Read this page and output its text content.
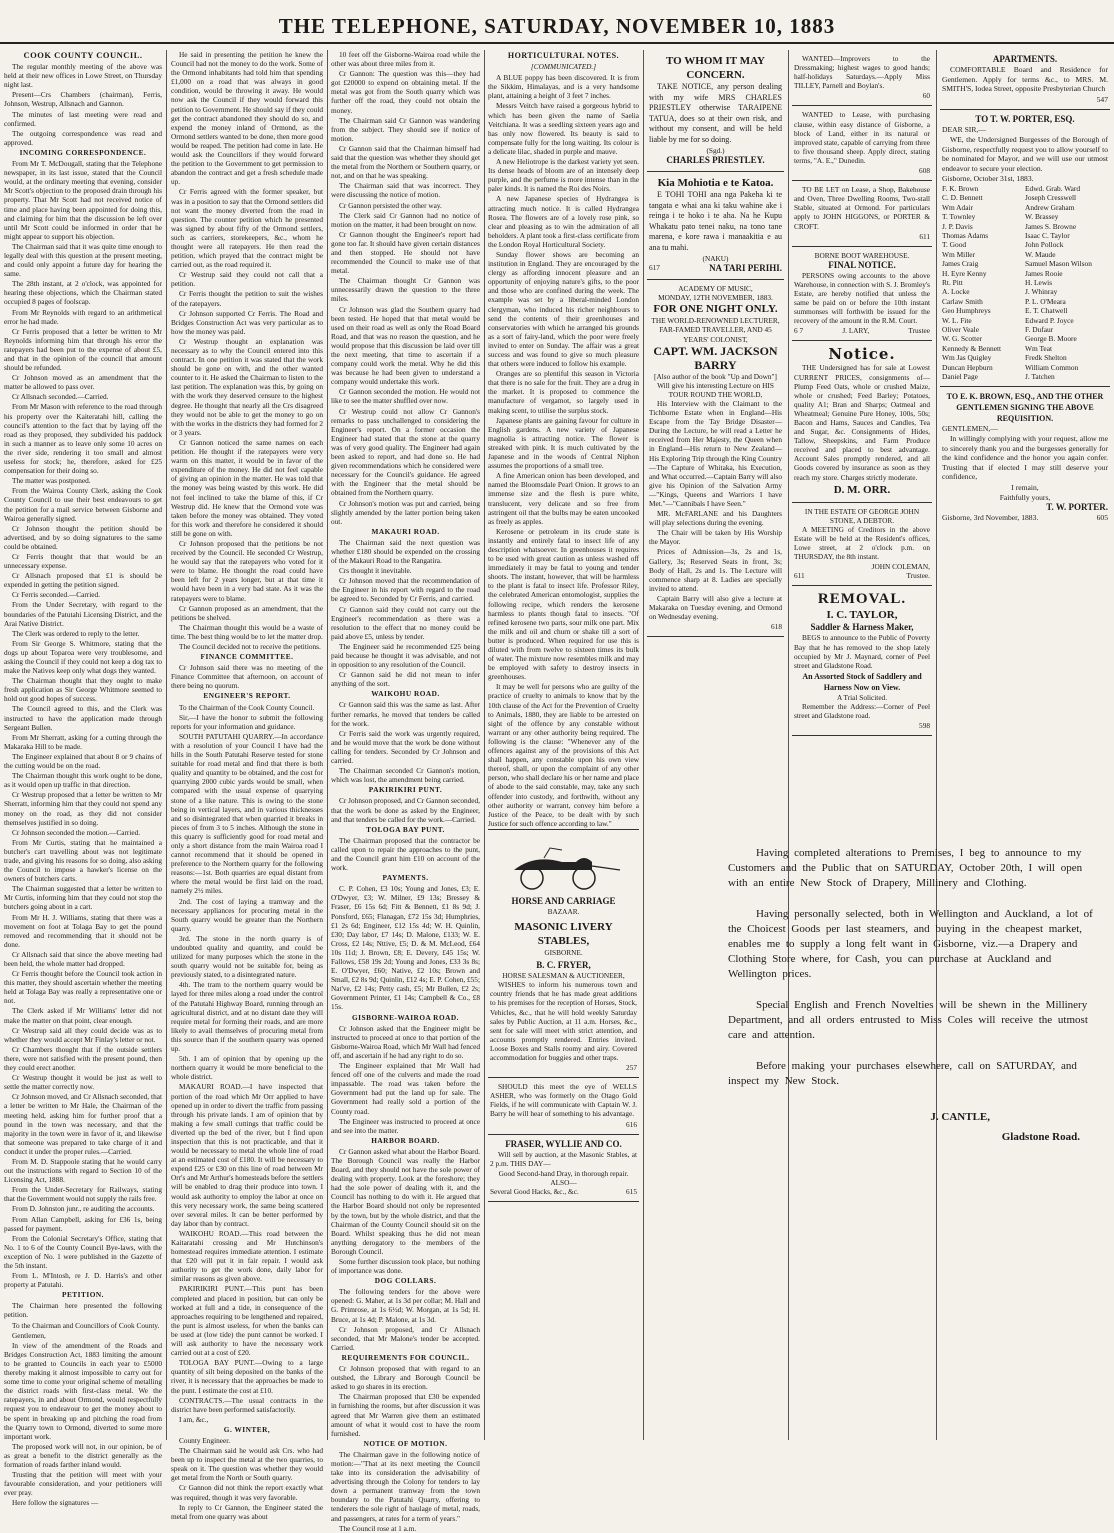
THE TELEPHONE, SATURDAY, NOVEMBER 10, 1883
COOK COUNTY COUNCIL.

The regular monthly meeting of the above was held at their new offices in Lowe Street, on Thursday night last.

Present—Crs Chambers (chairman), Ferris, Johnson, Westrup, Allsnach and Gannon.

The minutes of last meeting were read and confirmed.

The outgoing correspondence was read and approved.

INCOMING CORRESPONDENCE.

From Mr T. McDougall, stating that the Telephone newspaper, in its last issue, stated that the Council would, at the ordinary meeting that evening, consider Mr Scott's objection to the proposed drain through his property. That Mr Scott had not received notice of time and place having been appointed for doing this, and claiming for him that the discussion be left over until Mr Scott could be informed in order that he might appear to support his objection.

The Chairman said that it was quite time enough to legally deal with this question at the present meeting, and could only appoint a future day for hearing the same.

The 28th instant, at 2 o'clock, was appointed for hearing these objections, which the Chairman stated occupied 8 pages of foolscap.

From Mr Reynolds with regard to an arithmetical error he had made.

Cr Ferris proposed that a letter be written to Mr Reynolds informing him that through his error the ratepayers had been put to the expense of about £5, and that in the opinion of the council that amount should be refunded.

Cr Johnson moved as an amendment that the matter be allowed to pass over.

Cr Allsnach seconded.—Carried.

From Mr Mason with reference to the road through his property over the Kaiteratahi hill, calling the council's attention to the fact that by laying off the road as they proposed, they subdivided his paddock in such a manner as to leave only some 10 acres on the river side, rendering it too small and almost useless for stock; he, therefore, asked for £25 compensation for their doing so.

The matter was postponed.

From the Wairoa County Clerk, asking the Cook County Council to use their best endeavours to get the petition for a mail service between Gisborne and Wairoa generally signed.

Cr Johnson thought the petition should be advertised, and by so doing signatures to the same could be obtained.

Cr Ferris thought that that would be an unnecessary expense.

Cr Allsnach proposed that £1 is should be expended in getting the petition signed.

Cr Ferris seconded.—Carried.

From the Under Secretary, with regard to the boundaries of the Patutahi Licensing District, and the Arai Native District.

The Clerk was ordered to reply to the letter.

From Sir George S. Whitmore, stating that the dogs up about Toparoa were very troublesome, and asking the Council if they could not keep a dog tax to make the Natives keep only what dogs they wanted.

The Chairman thought that they ought to make fresh application as Sir George Whitmore seemed to hold out good hopes of success.

The Council agreed to this, and the Clerk was instructed to have the application made through Sergeant Bullen.

From Mr Sherratt, asking for a cutting through the Makaraka Hill to be made.

The Engineer explained that about 8 or 9 chains of the cutting would be on the road.

The Chairman thought this work ought to be done, as it would open up traffic in that direction.

Cr Westrup proposed that a letter be written to Mr Sherratt, informing him that they could not spend any money on the road, as they did not consider themselves justified in so doing.

Cr Johnson seconded the motion.—Carried.

From Mr Curtis, stating that he maintained a butcher's cart travelling about was not legitimate trade, and giving his reasons for so doing, also asking the Council to impose a hawker's license on the owners of butchers carts.

The Chairman suggested that a letter be written to Mr Curtis, informing him that they could not stop the butchers going about in a cart.

From Mr H. J. Williams, stating that there was a movement on foot at Tolaga Bay to get the pound removed and recommending that it should not be done.

Cr Allsnach said that since the above meeting had been held, the whole matter had dropped.

Cr Ferris thought before the Council took action in this matter, they should ascertain whether the meeting held at Tolaga Bay was really a representative one or not.

The Clerk asked if Mr Williams' letter did not make the matter on that point, clear enough.

Cr Westrup said all they could decide was as to whether they would accept Mr Finlay's letter or not.

Cr Chambers thought that if the outside settlers there, were not satisfied with the present pound, then they could erect another.

Cr Westrup thought it would be just as well to settle the matter correctly now.

Cr Johnson moved, and Cr Allsnach seconded, that a letter be written to Mr Hale, the Chairman of the meeting held, asking him for further proof that a pound in the town was necessary, and that the majority in the town were in favor of it, and likewise that someone was prepared to take charge of it and conduct it under the proper rules.—Carried.

From M. D. Stappoole stating that he would carry out the instructions with regard to Section 10 of the Licensing Act, 1888.

From the Under-Secretary for Railways, stating that the Government would not supply the rails free.

From D. Johnston junr., re auditing the accounts.

From Allan Campbell, asking for £36 1s, being passed for payment.

From the Colonial Secretary's Office, stating that No. 1 to 6 of the County Council Bye-laws, with the exception of No. 1 were published in the Gazette of the 5th instant.

From L. M'Intosh, re J. D. Harris's and other property at Patutahi.

PETITION.

The Chairman here presented the following petition.

To the Chairman and Councillors of Cook County.

Gentlemen,

In view of the amendment of the Roads and Bridges Construction Act, 1883 limiting the amount to be granted to Councils in each year to £5000 thereby making it almost impossible to carry out for some time to come your original scheme of metalling the district roads with first-class metal. We the ratepayers, in and about Ormond, would respectfully request you to endeavour to get the money about to be spent in breaking up and pitching the road from the Quarry town to Ormond, diverted to some more important work.

The proposed work will not, in our opinion, be of as great a benefit to the district generally as the formation of roads farther inland would.

Trusting that the petition will meet with your favourable consideration, and your petitioners will ever pray.

Here follow the signatures —

He said in presenting the petition he knew the Council had not the money to do the work. Some of the Ormond inhabitants had told him that spending £1,000 on a road that was always in good condition, would be throwing it away. He would now ask the Council if they would forward this petition to Government. He should say if they could get the contract abandoned they should do so, and expend the money inland of Ormond, as the Ormond settlers wanted to be done, then more good would be reaped. The petition had come in late. He would ask the Councillors if they would forward the petition to the Government to get permission to abandon the contract and get a fresh schedule made up.

Cr Ferris agreed with the former speaker, but was in a position to say that the Ormond settlers did not want the money diverted from the road in question. The counter petition which he presented was signed by about fifty of the Ormond settlers, such as carriers, storekeepers, &c., whom he thought were all ratepayers. He then read the petition, which prayed that the contract might be carried out, as the road required it.

Cr Westrup said they could not call that a petition.

Cr Ferris thought the petition to suit the wishes of the ratepayers.

Cr Johnson supported Cr Ferris. The Road and Bridges Construction Act was very particular as to how the money was paid.

Cr Westrup thought an explanation was necessary as to why the Council entered into this contract. In one petition it was stated that the work should be gone on with, and the other wanted counter to it. He asked the Chairman to listen to the last petition. The explanation was this, by going on with the work they deserved censure to the highest degree. He thought that nearly all the Crs disagreed they would not be able to get the money to go on with the works in the districts they had formed for 2 or 3 years.

Cr Gannon noticed the same names on each petition. He thought if the ratepayers were very warm on this matter, it would be in favor of the expenditure of the money. He did not feel capable of giving an opinion in the matter. He was told that the money was being wasted by this work. He did not feel inclined to take the blame of this, if Cr Westrup did. He knew that the Ormond vote was taken before the money was obtained. They voted for this work and therefore he considered it should still be gone on with.

Cr Johnson proposed that the petitions be not received by the Council. He seconded Cr Westrup, he would say that the ratepayers who voted for it were to blame. He thought the road could have been left for 2 years longer, but at that time it would have been in a very bad state. As it was the ratepayers were to blame.

Cr Gannon proposed as an amendment, that the petitions be shelved.

The Chairman thought this would be a waste of time. The best thing would be to let the matter drop.

The Council decided not to receive the petitions.

FINANCE COMMITTEE.

Cr Johnson said there was no meeting of the Finance Committee that afternoon, on account of there being no quorum.

ENGINEER'S REPORT.

To the Chairman of the Cook County Council.

Sir,—I have the honor to submit the following reports for your information and guidance.

SOUTH PATUTAHI QUARRY.—In accordance with a resolution of your Council I have had the hills in the South Patutahi Reserve tested for stone suitable for road metal and find that there is both quality and quantity to be obtained, and the cost for quarrying 2000 cubic yards would be small, when compared with the usual expense of quarrying stone of a like nature. This is owing to the stone being in vertical layers, and in various thicknesses and so disintegrated that when quarried it breaks in pieces of from 3 to 5 inches. Although the stone in this quarry is sufficiently good for road metal and only a short distance from the main Wairoa road I cannot recommend that it should be opened in preference to the Northern quarry for the following reasons:—1st. Both quarries are equal distant from where the metal would be first laid on the road, namely 2½ miles.

2nd. The cost of laying a tramway and the necessary appliances for procuring metal in the South quarry would be greater than the Northern quarry.

3rd. The stone in the north quarry is of undoubted quality and quantity, and could be utilized for many purposes which the stone in the south quarry would not be suitable for, being as previously stated, to a disintegrated nature.

4th. The tram to the northern quarry would be layed for three miles along a road under the control of the Patutahi Highway Board, running through an agricultural district, and at no distant date they will require metal for forming their roads, and are more likely to avail themselves of procuring metal from this source than if the southern quarry was opened up.

5th. I am of opinion that by opening up the northern quarry it would be more beneficial to the whole district.

MAKAURI ROAD.—I have inspected that portion of the road which Mr Orr applied to have opened up in order to divert the traffic from passing through his private lands. I am of opinion that by making a few small cuttings that traffic could be diverted up the bed of the river, but I find upon inspection that this is not practicable, and that it would be necessary to metal the whole line of road at an estimated cost of £180. It will be necessary to expend £25 or £30 on this line of road between Mr Orr's and Mr Arthur's homesteads before the settlers will be enabled to drag their produce into town. I would ask authority to employ the labor at once on this very necessary work, the same being scattered over several miles. It can be better performed by day labor than by contract.

WAIKOHU ROAD.—This road between the Kaitaratahi crossing and Mr Hutchinson's homestead requires immediate attention. I estimate that £20 will put it in fair repair. I would ask authority to get the work done, daily labor for similar reasons as given above.

PAKIRIKIRI PUNT.—This punt has been completed and placed in position, but can only be worked at full and a tide, in consequence of the approaches requiring to be lengthened and repaired, the punt is almost useless, for when the banks can be used at (low tide) the punt cannot be worked. I will ask authority to have the necessary work carried out at a cost of £20.

TOLOGA BAY PUNT.—Owing to a large quantity of silt being deposited on the banks of the river, it is necessary that the approaches be made to the punt. I estimate the cost at £10.

CONTRACTS.—The usual contracts in the district have been performed satisfactorily.

I am, &c.,

G. WINTER,

County Engineer.

The Chairman said he would ask Crs. who had been up to inspect the metal at the two quarries, to speak on it. The question was whether they would get metal from the North or South quarry.

Cr Gannon did not think the report exactly what was required, though it was very favorable.

In reply to Cr Gannon, the Engineer stated the metal from one quarry was about

10 feet off the Gisborne-Wairoa road while the other was about three miles from it.

Cr Gannon: The question was this—they had got £20000 to expend on obtaining metal. If the metal was got from the South quarry which was further off the road, they could not obtain the money.

The Chairman said Cr Gannon was wandering from the subject. They should see if notice of motion.

Cr Gannon said that the Chairman himself had said that the question was whether they should get the metal from the Northern or Southern quarry, or not, and on that he was speaking.

The Chairman said that was incorrect. They were discussing the notice of motion.

Cr Gannon persisted the other way.

The Clerk said Cr Gannon had no notice of motion on the matter, it had been brought on now.

Cr Gannon thought the Engineer's report had gone too far. It should have given certain distances and then stopped. He should not have recommended the Council to make use of that metal.

The Chairman thought Cr Gannon was unnecessarily drawn the question to the three miles.

Cr Johnson was glad the Southern quarry had been tested. He hoped that that metal would be used on their road as well as only the Road Board Road, and that was no reason the question, and he would propose that this discussion be laid over till the next meeting, that time to ascertain if a company could work the metal. Why he did this was because he had been given to understand a company would undertake this work.

Cr Gannon seconded the motion. He would not like to see the matter shuffled over now.

Cr Westrup could not allow Cr Gannon's remarks to pass unchallenged to considering the Engineer's report. On a former occasion the Engineer had stated that the stone at the quarry was of very good quality. The Engineer had again been asked to report, and had done so. He had given recommendations which he considered were necessary for the Council's guidance. He agreed with the Engineer that the metal should be obtained from the Northern quarry.

Cr Johnson's motion was put and carried, being slightly amended by the latter portion being taken out.

MAKAURI ROAD.

The Chairman said the next question was whether £180 should be expended on the crossing of the Makauri Road to the Rangatira.

Crs thought it inevitable.

Cr Johnson moved that the recommendation of the Engineer in his report with regard to the road be agreed to. Seconded by Cr Ferris, and carried.

Cr Gannon said they could not carry out the Engineer's recommendation as there was a resolution to the effect that no money could be paid above £5, unless by tender.

The Engineer said he recommended £25 being paid because he thought it was advisable, and not in opposition to any resolution of the Council.

Cr Gannon said he did not mean to infer anything of the sort.

WAIKOHU ROAD.

Cr Gannon said this was the same as last. After further remarks, he moved that tenders be called for the work.

Cr Ferris said the work was urgently required, and he would move that the work be done without calling for tenders. Seconded by Cr Johnson and carried.

The Chairman seconded Cr Gannon's motion, which was lost, the amendment being carried.

PAKIRIKIRI PUNT.

Cr Johnson proposed, and Cr Gannon seconded, that the work be done as asked by the Engineer, and that tenders be called for the work.—Carried.

TOLOGA BAY PUNT.

The Chairman proposed that the contractor be called upon to repair the approaches to the punt, and the Council grant him £10 on account of the work.

PAYMENTS.

C. P. Cohen, £3 10s; Young and Jones, £3; E. O'Dwyer, £3; W. Milner, £9 13s; Bressey & Fraser, £6 15s 6d; Fitt & Bennett, £1 8s 9d; J. Ponsford, £65; Flanagan, £72 15s 3d; Humphries, £1 2s 6d; Engineer, £12 15s 4d; W. H. Quinlin, £30; Day labor, £7 14s; D. Malone, £133; W. E. Cross, £2 14s; Nttive, £5; D. & M. McLeod, £64 10s 11d; J. Brown, £8; E. Devery, £45 15s; W. Fallows, £58 19s 2d; Young and Jones, £33 3s 8s; E. O'Dwyer, £60; Native, £2 10s; Brown and Small, £2 8s 9d; Quinlin, £12 4s; E. P. Cohen, £55; Nat've, £2 14s; Petty cash, £5; Mr Bullen, £2 2s; Government Printer, £1 14s; Campbell & Co., £8 15s.

GISBORNE-WAIROA ROAD.

Cr Johnson asked that the Engineer might be instructed to proceed at once to that portion of the Gisborne-Wairoa Road, which Mr Wall had fenced off, and ascertain if he had any right to do so.

The Engineer explained that Mr Wall had fenced off one of the culverts and made the road impassable. The road was taken before the Government had put the land up for sale. The Government had really sold a portion of the County road.

The Engineer was instructed to proceed at once and see into the matter.

HARBOR BOARD.

Cr Gannon asked what about the Harbor Board. The Borough Council was really the Harbor Board, and they should not have the sole power of dealing with property. Look at the foreshore; they had the sole power of dealing with it, and the Council has nothing to do with it. He argued that the Harbor Board should not only be represented by the town, but by the whole district, and that the Chairman of the County Council should sit on the Board. Whilst speaking thus he did not mean anything derogatory to the members of the Borough Council.

Some further discussion took place, but nothing of importance was done.

DOG COLLARS.

The following tenders for the above were opened: G. Maher, at 1s 3d per collar; M. Hall and G. Primrose, at 1s 6½d; W. Morgan, at 1s 5d; H. Bruce, at 1s 4d; P. Malone, at 1s 3d.

Cr Johnson proposed, and Cr Allsnach seconded, that Mr Malone's tender be accepted. Carried.

REQUIREMENTS FOR COUNCIL.

Cr Johnson proposed that with regard to an outshed, the Library and Borough Council be asked to go shares in its erection.

The Chairman proposed that £30 be expended in furnishing the rooms, but after discussion it was agreed that Mr Warren give them an estimated amount of what it would cost to have the room furnished.

NOTICE OF MOTION.

The Chairman gave in the following notice of motion:—"That at its next meeting the Council take into its consideration the advisability of advertising through the Colony for tenders to lay down a permanent tramway from the town boundary to the Patutahi Quarry, offering to tenderers the sole right of haulage of metal, roads, and passengers, at rates for a term of years."

The Council rose at 1 a.m.

HORTICULTURAL NOTES.
[COMMUNICATED.]

A BLUE poppy has been discovered. It is from the Sikkim, Himalayas, and is a very handsome plant, attaining a height of 3 feet 7 inches.

Messrs Veitch have raised a gorgeous hybrid to which has been given the name of Saelia Veitchiana. It was a seedling sixteen years ago and has only now flowered. Its beauty is said to compensate fully for the long waiting. Its colour is a delicate lilac, shaded in purple and mauve.

A new Heliotrope is the darkest variety yet seen. Its dense heads of bloom are of an intensely deep purple, and the perfume is more intense than in the paler kinds. It is named the Roi des Noirs.

A new Japanese species of Hydrangea is attracting much notice. It is called Hydrangea Rosea. The flowers are of a lovely rose pink, so clear and pleasing as to win the admiration of all beholders. A plant took a first-class certificate from the London Royal Horticultural Society.

Sunday flower shows are becoming an institution in England. They are encouraged by the clergy as affording innocent pleasure and an opportunity of enjoying nature's gifts, to the poor and those who are confined during the week. The example was set by a liberal-minded London clergyman, who induced his richer neighbours to send the contents of their greenhouses and conservatories with which he arranged his grounds as a sort of fairy-land, which the poor were freely invited to enter on Sunday. The affair was a great success and was found to give so much pleasure that others were induced to follow his example.

Oranges are so plentiful this season in Victoria that there is no sale for the fruit. They are a drug in the market. It is proposed to commence the manufacture of vergamot, so largely used in making scent, to utilise the surplus stock.

Japanese plants are gaining favour for culture in English gardens. A new variety of Japanese magnolia is attracting notice. The flower is streaked with pink. It is much cultivated by the Japanese and in the woods of Central Niphon assumes the proportions of a small tree.

A fine American onion has been developed, and named the Bloomsdale Pearl Onion. It grows to an immense size and the flesh is pure white, translucent, very delicate and so free from astringent oil that the bulbs may be eaten uncooked as freely as apples.

Kerosene or petroleum in its crude state is instantly and entirely fatal to insect life of any description whatsoever. In greenhouses it requires to be used with great caution as unless washed off immediately it may be fatal to young and tender shoots. The instant, however, that will be harmless to the plant is fatal to insect life. Professor Riley, the celebrated American entomologist, supplies the following recipe, which renders the kerosene harmless to plants though fatal to insects. "Of refined kerosene two parts, sour milk one part. Mix the milk and oil and churn or shake till a sort of butter is produced. When required for use this is diluted with from twelve to sixteen times its bulk of water. The mixture now resembles milk and may be employed with safety to destroy insects in greenhouses.

It may be well for persons who are guilty of the practice of cruelty to animals to know that by the 10th clause of the Act for the Prevention of Cruelty to Animals, 1880, they are liable to be arrested on sight of the offence by any constable without warrant or any other authority being required. The following is the clause: "Whenever any of the offences against any of the provisions of this Act shall happen, any constable upon his own view thereof, shall, or upon the complaint of any other person, who shall declare his or her name and place of abode to the said constable, may, take any such offender into custody, and forthwith, without any other authority or warrant, convey him before a Justice of the Peace, to be dealt with by such Justice for such offence according to law."

HORSE AND CARRIAGE
BAZAAR.
MASONIC LIVERY STABLES,
GISBORNE.
B. C. FRYER,
HORSE SALESMAN & AUCTIONEER,

WISHES to inform his numerous town and country friends that he has made great additions to his premises for the reception of Horses, Stock, Vehicles, &c., that he will hold weekly Saturday sales by Public Auction, at 11 a.m. Horses, &c., sent for sale will meet with strict attention, and accounts promptly rendered. Entries invited. Loose Boxes and Stalls roomy and airy. Covered accommodation for buggies and other traps.

257

SHOULD this meet the eye of WELLS ASHER, who was formerly on the Otago Gold Fields, if he will communicate with Captain W. J. Barry he will hear of something to his advantage.

616
FRASER, WYLLIE AND CO.

Will sell by auction, at the Masonic Stables, at 2 p.m. THIS DAY—

Good Second-hand Dray, in thorough repair.
ALSO—
Several Good Hacks, &c., &c.	615
TO WHOM IT MAY CONCERN.

TAKE NOTICE, any person dealing with my wife MRS CHARLES PRIESTLEY otherwise TARAIPENE TATUA, does so at their own risk, and without my consent, and will be held liable by me for so doing.

(Sgd.)
CHARLES PRIESTLEY.
Kia Mohiotia e te Katoa.

E TOHI TOHI ana nga Pakeha ki te tangata e whai ana ki taku wahine ake i reinga i te hoko i te aha. Na he Kupu Whakatu pato tenei naku, na tono tane marena, e kore rawa i manaakitia e au ana tu mahi.

(NAKU)
617	NA TARI PERIHI.
ACADEMY OF MUSIC,
MONDAY, 12TH NOVEMBER, 1883.
FOR ONE NIGHT ONLY.
THE WORLD-RENOWNED LECTURER, FAR-FAMED TRAVELLER, AND 45 YEARS' COLONIST,
CAPT. WM. JACKSON BARRY
[Also author of the book "Up and Down"] Will give his interesting Lecture on HIS TOUR ROUND THE WORLD,

His Interview with the Claimant to the Tichborne Estate when in England—His Escape from the Tay Bridge Disaster—During the Lecture, he will read a Letter he received from Her Majesty, the Queen when in England—His return to New Zealand—His Exploring Trip through the King Country—The Capture of Whitaka, his Execution, and What occurred.—Captain Barry will also give his Opinion of the Salvation Army—"Kings, Queens and Warriors I have Met."—"Cannibals I have Seen."

MR. McFARLANE and his Daughters will play selections during the evening.

The Chair will be taken by His Worship the Mayor.

Prices of Admission—3s, 2s and 1s, Gallery, 3s; Reserved Seats in front, 3s; Body of Hall, 2s and 1s. The Lecture will commence sharp at 8. Ladies are specially invited to attend.

Captain Barry will also give a lecture at Makaraka on Tuesday evening, and Ormond on Wednesday evening.

618

WANTED—Improvers to the Dressmaking; highest wages to good hands; half-holidays Saturdays.—Apply Miss TILLEY, Parnell and Boylan's.

60

WANTED to Lease, with purchasing clause, within easy distance of Gisborne, a block of Land, either in its natural or improved state, capable of carrying from three to five thousand sheep. Apply direct, stating terms, "A. E.," Dunedin.

608

TO BE LET on Lease, a Shop, Bakehouse and Oven, Three Dwelling Rooms, Two-stall Stable, situated at Ormond. For particulars apply to JOHN HIGGONS, or PORTER & CROFT.

611
BORNE BOOT WAREHOUSE.
FINAL NOTICE.

PERSONS owing accounts to the above Warehouse, in connection with S. J. Bromley's Estate, are hereby notified that unless the same be paid on or before the 10th instant summonses will forthwith be issued for the recovery of the amount in the R.M. Court.

6 7	J. LARY,	Trustee
Notice.

THE Undersigned has for sale at Lowest CURRENT PRICES, consignments of—Plump Feed Oats, whole or crushed Maize, whole or crushed; Feed Barley; Potatoes, quality A1; Bran and Sharps; Oatmeal and Wheatmeal; Genuine Pure Honey, 100s, 50s; Bacon and Hams, Sauces and Candles, Tea and Sugar, &c. Consignments of Hides, Tallow, Sheepskins, and Farm Produce received and placed to best advantage. Account Sales promptly rendered, and all Goods covered by insurance as soon as they reach my store. Charges strictly moderate.

D. M. ORR.
IN THE ESTATE OF GEORGE JOHN STONE, A DEBTOR.

A MEETING of Creditors in the above Estate will be held at the Resident's offices, Lowe street, at 2 o'clock p.m. on THURSDAY, the 8th instant.

JOHN COLEMAN,
611	Trustee.
REMOVAL.
I. C. TAYLOR,
Saddler & Harness Maker,

BEGS to announce to the Public of Poverty Bay that he has removed to the shop lately occupied by Mr J. Maynard, corner of Peel street and Gladstone Road.

An Assorted Stock of Saddlery and Harness Now on View.
A Trial Solicited.

Remember the Address:—Corner of Peel street and Gladstone road.

598
APARTMENTS.

COMFORTABLE Board and Residence for Gentlemen. Apply for terms &c., to MRS. M. SMITH'S, Iodea Street, opposite Presbyterian Church

547
TO T. W. PORTER, ESQ.
DEAR SIR,—

WE, the Undersigned Burgesses of the Borough of Gisborne, respectfully request you to allow yourself to be nominated for Mayor, and we will use our utmost endeavor to secure your election.

Gisborne, October 31st, 1883.
F. K. Brown
C. D. Bennett
Wm Adair
T. Townley
J. P. Davis
Thomas Adams
T. Good
Wm Miller
James Craig
H. Eyre Kenny
Rt. Pitt
A. Locke
Carlaw Smith
Geo Humphreys
W. L. Fite
Oliver Veale
W. G. Scotter
Kennedy & Bennett
Wm Jas Quigley
Duncan Hepburn
Daniel Page
Edwd. Grab. Ward
Joseph Cresswell
Andrew Graham
W. Brassey
James S. Browne
Isaac C. Taylor
John Pollock
W. Maude
Samuel Mason Wilson
James Rooie
H. Lewis
J. Whinray
P. L. O'Meara
E. T. Chatwell
Edward P. Joyce
F. Dufaur
George B. Moore
Wm Teat
Fredk Shelton
William Common
J. Tatchen
TO E. K. BROWN, ESQ., AND THE OTHER GENTLEMEN SIGNING THE ABOVE REQUISITION.
GENTLEMEN,—

In willingly complying with your request, allow me to sincerely thank you and the burgesses generally for the kind confidence and the honor you again confer. Trusting that if elected I may still deserve your confidence,

I remain,
Faithfully yours,
T. W. PORTER.
Gisborne, 3rd November, 1883.	605

Having completed alterations to Premises, I beg to announce to my Customers and the Public that on SATURDAY, October 20th, I will open with an entire New Stock of Drapery, Millinery and Clothing.

Having personally selected, both in Wellington and Auckland, a lot of the Choicest Goods per last steamers, and buying in the cheapest market, enables me to supply a long felt want in Gisborne, viz.—a Drapery and Clothing Store where, for Cash, you can purchase at Auckland and Wellington prices.

Special English and French Novelties will be shewn in the Millinery Department, and all orders entrusted to Miss Coles will receive the utmost care and attention.

Before making your purchases elsewhere, call on SATURDAY, and inspect my New Stock.

J. CANTLE,
Gladstone Road.
